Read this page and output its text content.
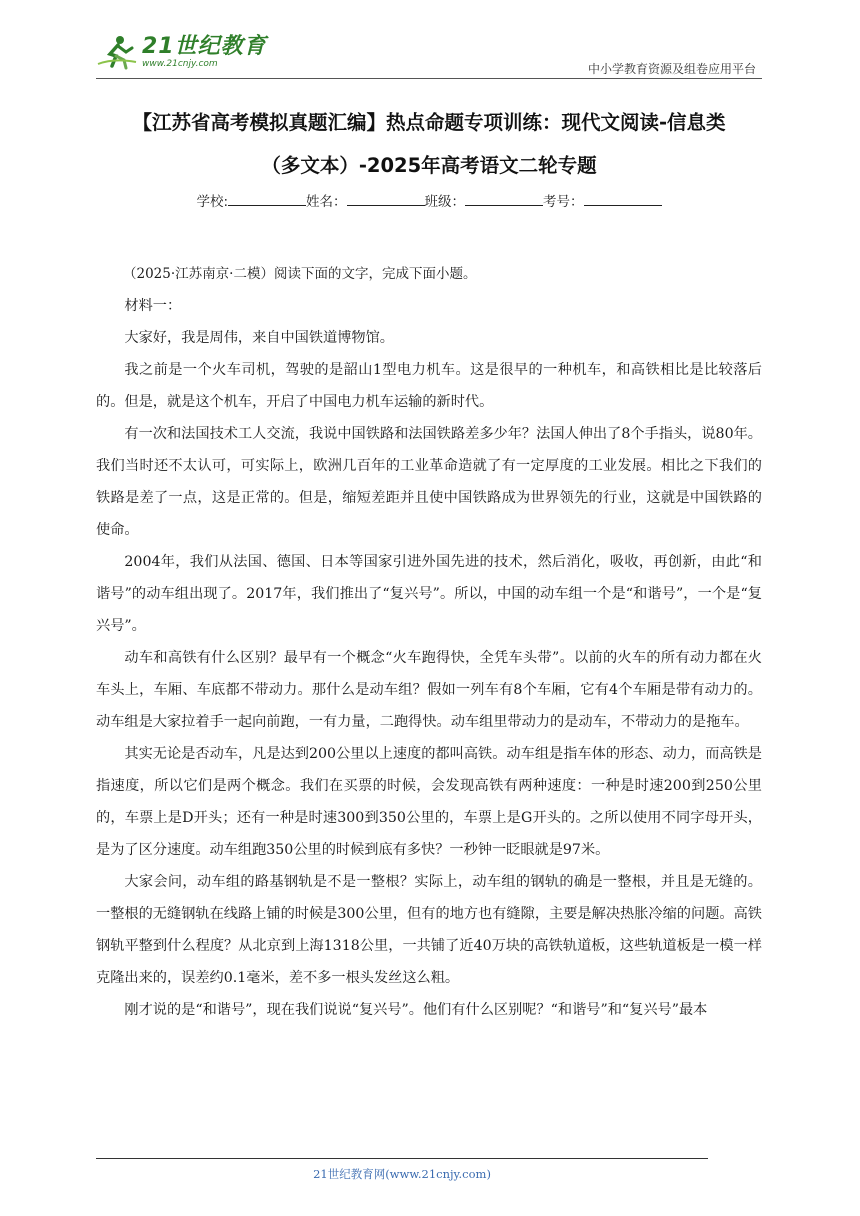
21世纪教育
www.21cnjy.com	中小学教育资源及组卷应用平台
【江苏省高考模拟真题汇编】热点命题专项训练：现代文阅读-信息类
（多文本）-2025年高考语文二轮专题
学校:	姓名：	班级：	考号：

（2025·江苏南京·二模）阅读下面的文字，完成下面小题。

材料一：

大家好，我是周伟，来自中国铁道博物馆。

我之前是一个火车司机，驾驶的是韶山1型电力机车。这是很早的一种机车，和高铁相比是比较落后的。但是，就是这个机车，开启了中国电力机车运输的新时代。

有一次和法国技术工人交流，我说中国铁路和法国铁路差多少年？法国人伸出了8个手指头，说80年。我们当时还不太认可，可实际上，欧洲几百年的工业革命造就了有一定厚度的工业发展。相比之下我们的铁路是差了一点，这是正常的。但是，缩短差距并且使中国铁路成为世界领先的行业，这就是中国铁路的使命。

2004年，我们从法国、德国、日本等国家引进外国先进的技术，然后消化，吸收，再创新，由此“和谐号”的动车组出现了。2017年，我们推出了“复兴号”。所以，中国的动车组一个是“和谐号”，一个是“复兴号”。

动车和高铁有什么区别？最早有一个概念“火车跑得快，全凭车头带”。以前的火车的所有动力都在火车头上，车厢、车底都不带动力。那什么是动车组？假如一列车有8个车厢，它有4个车厢是带有动力的。动车组是大家拉着手一起向前跑，一有力量，二跑得快。动车组里带动力的是动车，不带动力的是拖车。

其实无论是否动车，凡是达到200公里以上速度的都叫高铁。动车组是指车体的形态、动力，而高铁是指速度，所以它们是两个概念。我们在买票的时候，会发现高铁有两种速度：一种是时速200到250公里的，车票上是D开头；还有一种是时速300到350公里的，车票上是G开头的。之所以使用不同字母开头，是为了区分速度。动车组跑350公里的时候到底有多快？一秒钟一眨眼就是97米。

大家会问，动车组的路基钢轨是不是一整根？实际上，动车组的钢轨的确是一整根，并且是无缝的。一整根的无缝钢轨在线路上铺的时候是300公里，但有的地方也有缝隙，主要是解决热胀冷缩的问题。高铁钢轨平整到什么程度？从北京到上海1318公里，一共铺了近40万块的高铁轨道板，这些轨道板是一模一样克隆出来的，误差约0.1毫米，差不多一根头发丝这么粗。

刚才说的是“和谐号”，现在我们说说“复兴号”。他们有什么区别呢？“和谐号”和“复兴号”最本

21世纪教育网(www.21cnjy.com)
